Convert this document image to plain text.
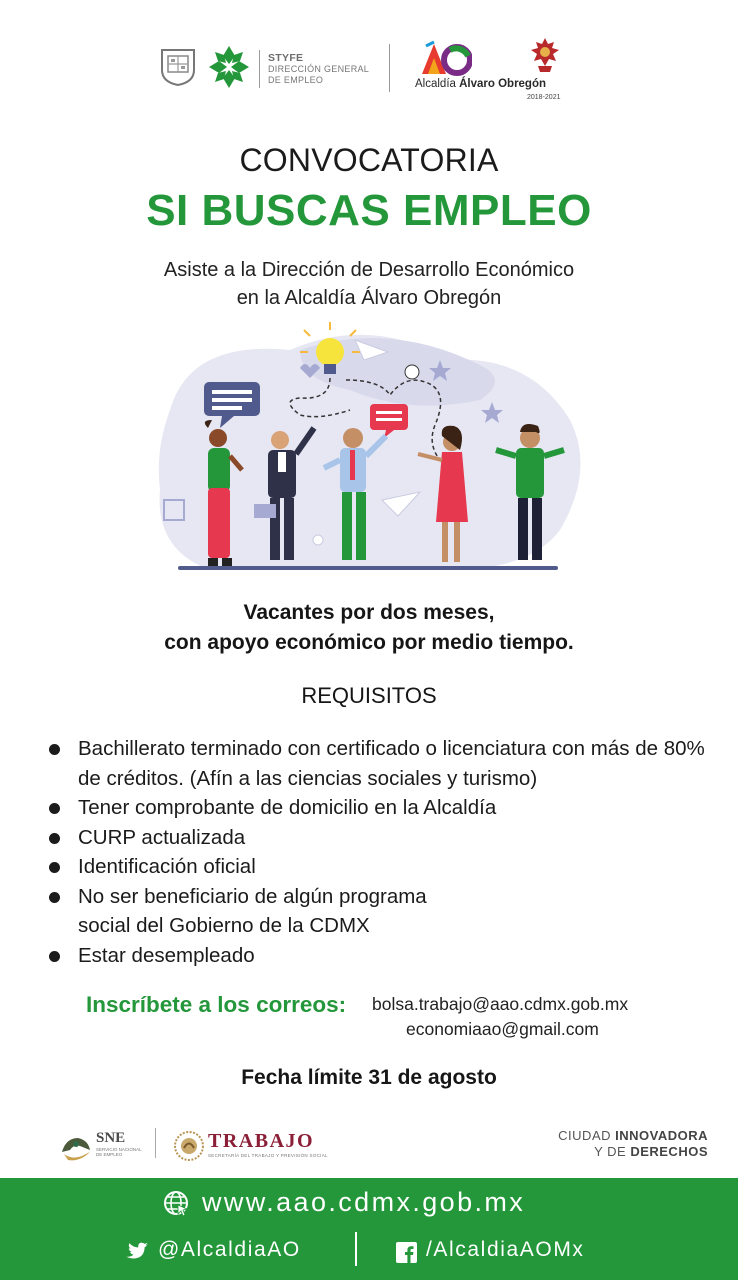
STYFE
DIRECCIÓN GENERAL
DE EMPLEO	Alcaldía Álvaro Obregón
2018-2021
CONVOCATORIA
SI BUSCAS EMPLEO
Asiste a la Dirección de Desarrollo Económico
en la Alcaldía Álvaro Obregón
Vacantes por dos meses,
con apoyo económico por medio tiempo.
REQUISITOS
Bachillerato terminado con certificado o licenciatura con más de 80% de créditos. (Afín a las ciencias sociales y turismo)
Tener comprobante de domicilio en la Alcaldía
CURP actualizada
Identificación oficial
No ser beneficiario de algún programa
social del Gobierno de la CDMX
Estar desempleado
Inscríbete a los correos: bolsa.trabajo@aao.cdmx.gob.mx
economiaao@gmail.com
Fecha límite 31 de agosto
SNE
SERVICIO NACIONAL DE EMPLEO
TRABAJO
SECRETARÍA DEL TRABAJO Y PREVISIÓN SOCIAL
CIUDAD INNOVADORA
Y DE DERECHOS
www.aao.cdmx.gob.mx
@AlcaldiaAO	/AlcaldiaAOMx
